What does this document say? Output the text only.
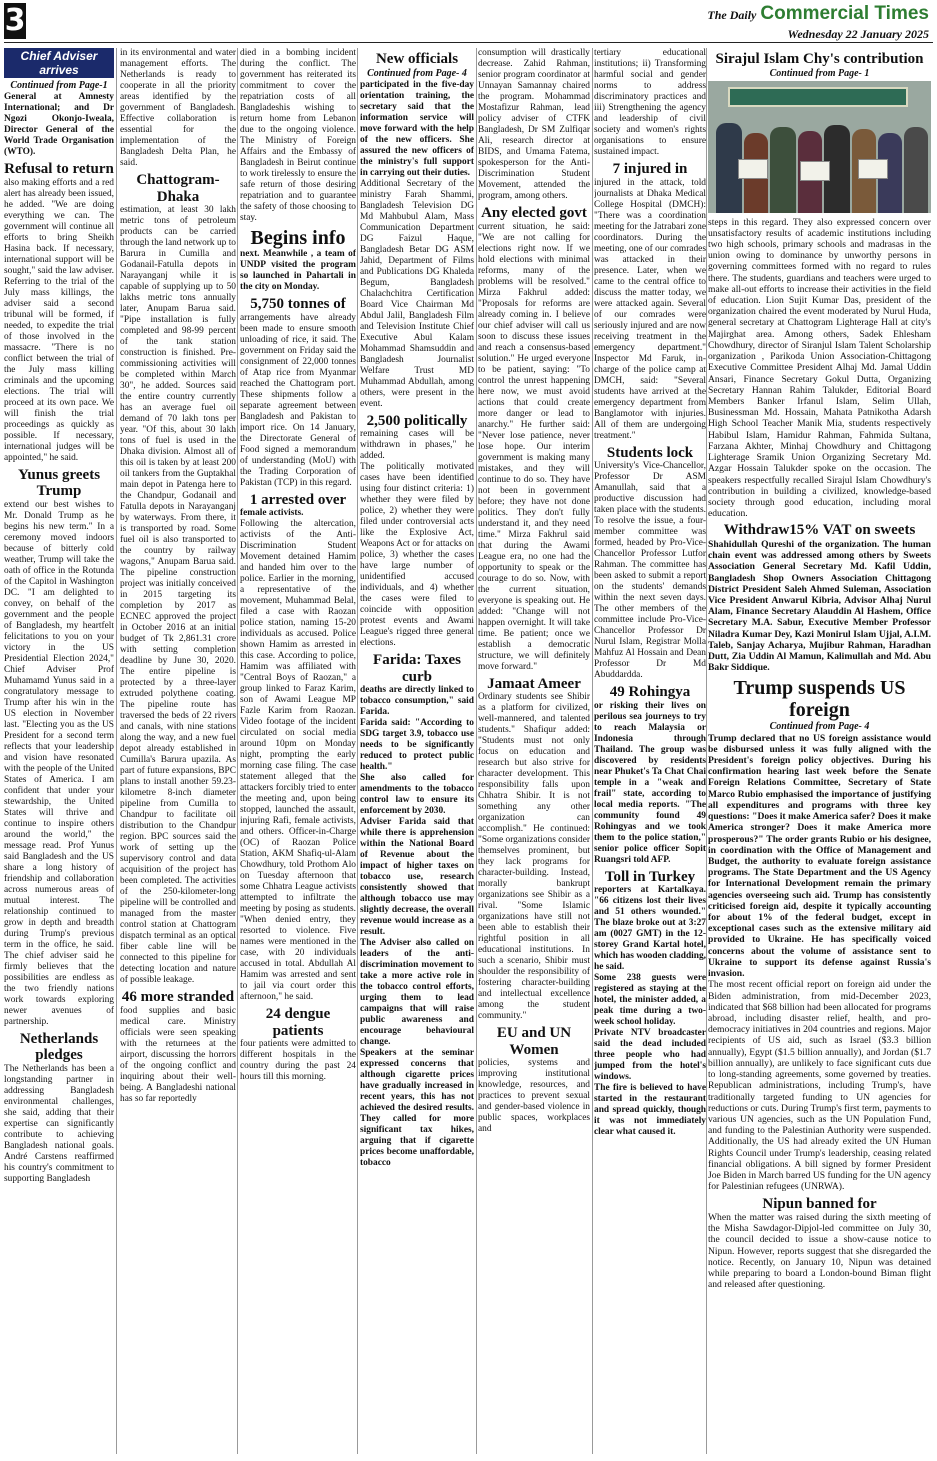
3	The Daily Commercial Times
Wednesday 22 January 2025
Chief Adviser arrives
Continued from Page-1

General at Amnesty International; and Dr Ngozi Okonjo-Iweala, Director General of the World Trade Organisation (WTO).

Refusal to return

also making efforts and a red alert has already been issued, he added. "We are doing everything we can. The government will continue all efforts to bring Sheikh Hasina back. If necessary, international support will be sought," said the law adviser. Referring to the trial of the July mass killings, the adviser said a second tribunal will be formed, if needed, to expedite the trial of those involved in the massacre. "There is no conflict between the trial of the July mass killing criminals and the upcoming elections. The trial will proceed at its own pace. We will finish the trial proceedings as quickly as possible. If necessary, international judges will be appointed," he said.

Yunus greets Trump

extend our best wishes to Mr. Donald Trump as he begins his new term." In a ceremony moved indoors because of bitterly cold weather, Trump will take the oath of office in the Rotunda of the Capitol in Washington DC. "I am delighted to convey, on behalf of the government and the people of Bangladesh, my heartfelt felicitations to you on your victory in the US Presidential Election 2024," Chief Adviser Prof Muhamamd Yunus said in a congratulatory message to Trump after his win in the US election in November last. "Electing you as the US President for a second term reflects that your leadership and vision have resonated with the people of the United States of America. I am confident that under your stewardship, the United States will thrive and continue to inspire others around the world," the message read. Prof Yunus said Bangladesh and the US share a long history of friendship and collaboration across numerous areas of mutual interest. The relationship continued to grow in depth and breadth during Trump's previous term in the office, he said. The chief adviser said he firmly believes that the possibilities are endless as the two friendly nations work towards exploring newer avenues of partnership.

Netherlands pledges

The Netherlands has been a longstanding partner in addressing Bangladesh environmental challenges, she said, adding that their expertise can significantly contribute to achieving Bangladesh national goals. André Carstens reaffirmed his country's commitment to supporting Bangladesh

in its environmental and water management efforts. The Netherlands is ready to cooperate in all the priority areas identified by the government of Bangladesh. Effective collaboration is essential for the implementation of the Bangladesh Delta Plan, he said.

Chattogram-Dhaka

estimation, at least 30 lakh metric tons of petroleum products can be carried through the land network up to Barura in Cumilla and Godanail-Fatulla depots in Narayanganj while it is capable of supplying up to 50 lakhs metric tons annually later, Anupam Barua said. "Pipe installation is fully completed and 98-99 percent of the tank station construction is finished. Pre-commissioning activities will be completed within March 30", he added. Sources said the entire country currently has an average fuel oil demand of 70 lakh tons per year. "Of this, about 30 lakh tons of fuel is used in the Dhaka division. Almost all of this oil is taken by at least 200 oil tankers from the Guptakhal main depot in Patenga here to the Chandpur, Godanail and Fatulla depots in Narayanganj by waterways. From there, it is transported by road. Some fuel oil is also transported to the country by railway wagons," Anupam Barua said. The pipeline construction project was initially conceived in 2015 targeting its completion by 2017 as ECNEC approved the project in October 2016 at an initial budget of Tk 2,861.31 crore with setting completion deadline by June 30, 2020. The entire pipeline is protected by a three-layer extruded polythene coating. The pipeline route has traversed the beds of 22 rivers and canals, with nine stations along the way, and a new fuel depot already established in Cumilla's Barura upazila. As part of future expansions, BPC plans to install another 59.23-kilometre 8-inch diameter pipeline from Cumilla to Chandpur to facilitate oil distribution to the Chandpur region. BPC sources said the work of setting up the supervisory control and data acquisition of the project has been completed. The activities of the 250-kilometer-long pipeline will be controlled and managed from the master control station at Chattogram dispatch terminal as an optical fiber cable line will be connected to this pipeline for detecting location and nature of possible leakage.

46 more stranded

food supplies and basic medical care. Ministry officials were seen speaking with the returnees at the airport, discussing the horrors of the ongoing conflict and inquiring about their well-being. A Bangladeshi national has so far reportedly

died in a bombing incident during the conflict. The government has reiterated its commitment to cover the repatriation costs of all Bangladeshis wishing to return home from Lebanon due to the ongoing violence. The Ministry of Foreign Affairs and the Embassy of Bangladesh in Beirut continue to work tirelessly to ensure the safe return of those desiring repatriation and to guarantee the safety of those choosing to stay.

Begins info

next. Meanwhile , a team of UNDP visited the program so launched in Pahartali in the city on Monday.

5,750 tonnes of

arrangements have already been made to ensure smooth unloading of rice, it said. The government on Friday said the consignment of 22,000 tonnes of Atap rice from Myanmar reached the Chattogram port. These shipments follow a separate agreement between Bangladesh and Pakistan to import rice. On 14 January, the Directorate General of Food signed a memorandum of understanding (MoU) with the Trading Corporation of Pakistan (TCP) in this regard.

1 arrested over

female activists.

Following the altercation, activists of the Anti-Discrimination Student Movement detained Hamim and handed him over to the police. Earlier in the morning, a representative of the movement, Muhammad Belal, filed a case with Raozan police station, naming 15-20 individuals as accused. Police shown Hamim as arrested in this case. According to police, Hamim was affiliated with "Central Boys of Raozan," a group linked to Faraz Karim, son of Awami League MP Fazle Karim from Raozan. Video footage of the incident circulated on social media around 10pm on Monday night, prompting the early morning case filing. The case statement alleged that the attackers forcibly tried to enter the meeting and, upon being stopped, launched the assault, injuring Rafi, female activists, and others. Officer-in-Charge (OC) of Raozan Police Station, AKM Shafiq-ul-Alam Chowdhury, told Prothom Alo on Tuesday afternoon that some Chhatra League activists attempted to infiltrate the meeting by posing as students. "When denied entry, they resorted to violence. Five names were mentioned in the case, with 20 individuals accused in total. Abdullah Al Hamim was arrested and sent to jail via court order this afternoon," he said.

24 dengue patients

four patients were admitted to different hospitals in the country during the past 24 hours till this morning.

New officials
Continued from Page- 4

participated in the five-day orientation training, the secretary said that the information service will move forward with the help of the new officers. She assured the new officers of the ministry's full support in carrying out their duties.

Additional Secretary of the ministry Farah Shammi, Bangladesh Television DG Md Mahbubul Alam, Mass Communication Department DG Faizul Haque, Bangladesh Betar DG ASM Jahid, Department of Films and Publications DG Khaleda Begum, Bangladesh Chalachchitra Certification Board Vice Chairman Md Abdul Jalil, Bangladesh Film and Television Institute Chief Executive Abul Kalam Mohammad Shamsuddin and Bangladesh Journalist Welfare Trust MD Muhammad Abdullah, among others, were present in the event.

2,500 politically

remaining cases will be withdrawn in phases," he added.

The politically motivated cases have been identified using four distinct criteria: 1) whether they were filed by police, 2) whether they were filed under controversial acts like the Explosive Act, Weapons Act or for attacks on police, 3) whether the cases have large number of unidentified accused individuals, and 4) whether the cases were filed to coincide with opposition protest events and Awami League's rigged three general elections.

Farida: Taxes curb

deaths are directly linked to tobacco consumption," said Farida.

Farida said: "According to SDG target 3.9, tobacco use needs to be significantly reduced to protect public health."

She also called for amendments to the tobacco control law to ensure its enforcement by 2030.

Adviser Farida said that while there is apprehension within the National Board of Revenue about the impact of higher taxes on tobacco use, research consistently showed that although tobacco use may slightly decrease, the overall revenue would increase as a result.

The Adviser also called on leaders of the anti-discrimination movement to take a more active role in the tobacco control efforts, urging them to lead campaigns that will raise public awareness and encourage behavioural change.

Speakers at the seminar expressed concerns that although cigarette prices have gradually increased in recent years, this has not achieved the desired results. They called for more significant tax hikes, arguing that if cigarette prices become unaffordable, tobacco

consumption will drastically decrease. Zahid Rahman, senior program coordinator at Unnayan Samannay chaired the program. Mohammad Mostafizur Rahman, lead policy adviser of CTFK Bangladesh, Dr SM Zulfiqar Ali, research director at BIDS, and Umama Fatema, spokesperson for the Anti-Discrimination Student Movement, attended the program, among others.

Any elected govt

current situation, he said: "We are not calling for elections right now. If we hold elections with minimal reforms, many of the problems will be resolved." Mirza Fakhrul added: "Proposals for reforms are already coming in. I believe our chief adviser will call us soon to discuss these issues and reach a consensus-based solution." He urged everyone to be patient, saying: "To control the unrest happening here now, we must avoid actions that could create more danger or lead to anarchy." He further said: "Never lose patience, never lose hope. Our interim government is making many mistakes, and they will continue to do so. They have not been in government before; they have not done politics. They don't fully understand it, and they need time." Mirza Fakhrul said that during the Awami League era, no one had the opportunity to speak or the courage to do so. Now, with the current situation, everyone is speaking out. He added: "Change will not happen overnight. It will take time. Be patient; once we establish a democratic structure, we will definitely move forward."

Jamaat Ameer

Ordinary students see Shibir as a platform for civilized, well-mannered, and talented students." Shafiqur added: "Students must not only focus on education and research but also strive for character development. This responsibility falls upon Chhatra Shibir. It is not something any other organization can accomplish." He continued: "Some organizations consider themselves prominent, but they lack programs for character-building. Instead, morally bankrupt organizations see Shibir as a rival. "Some Islamic organizations have still not been able to establish their rightful position in all educational institutions. In such a scenario, Shibir must shoulder the responsibility of fostering character-building and intellectual excellence among the student community."

EU and UN Women

policies, systems and improving institutional knowledge, resources, and practices to prevent sexual and gender-based violence in public spaces, workplaces and

tertiary educational institutions; ii) Transforming harmful social and gender norms to address discriminatory practices and iii) Strengthening the agency and leadership of civil society and women's rights organisations to ensure sustained impact.

7 injured in

injured in the attack, told journalists at Dhaka Medical College Hospital (DMCH): "There was a coordination meeting for the Jatrabari zone coordinators. During the meeting, one of our comrades was attacked in their presence. Later, when we came to the central office to discuss the matter today, we were attacked again. Several of our comrades were seriously injured and are now receiving treatment in the emergency department." Inspector Md Faruk, in-charge of the police camp at DMCH, said: "Several students have arrived at the emergency department from Banglamotor with injuries. All of them are undergoing treatment."

Students lock

University's Vice-Chancellor, Professor Dr ASM Amanullah, said that a productive discussion had taken place with the students. To resolve the issue, a four-member committee was formed, headed by Pro-Vice-Chancellor Professor Lutfor Rahman. The committee has been asked to submit a report on the students' demands within the next seven days. The other members of the committee include Pro-Vice-Chancellor Professor Dr Nurul Islam, Registrar Molla Mahfuz Al Hossain and Dean Professor Dr Md Abuddardda.

49 Rohingya

or risking their lives on perilous sea journeys to try to reach Malaysia or Indonesia through Thailand. The group was discovered by residents near Phuket's Ta Chat Chai temple in a "weak and frail" state, according to local media reports. "The community found 49 Rohingyas and we took them to the police station," senior police officer Sopit Ruangsri told AFP.

Toll in Turkey

reporters at Kartalkaya. "66 citizens lost their lives and 51 others wounded." The blaze broke out at 3:27 am (0027 GMT) in the 12-storey Grand Kartal hotel, which has wooden cladding, he said.

Some 238 guests were registered as staying at the hotel, the minister added, a peak time during a two-week school holiday.

Private NTV broadcaster said the dead included three people who had jumped from the hotel's windows.

The fire is believed to have started in the restaurant and spread quickly, though it was not immediately clear what caused it.

Sirajul Islam Chy's contribution
Continued from Page- 1

steps in this regard. They also expressed concern over unsatisfactory results of academic institutions including two high schools, primary schools and madrasas in the union owing to dominance by unworthy persons in governing committees formed with no regard to rules there. The students, guardians and teachers were urged to make all-out efforts to increase their activities in the field of education. Lion Sujit Kumar Das, president of the organization chaired the event moderated by Nurul Huda, general secretary at Chattogram Lighterage Hall at city's Majirghat area. Among others, Sadek Ehlesham Chowdhury, director of Siranjul Islam Talent Scholarship organization , Parikoda Union Association-Chittagong Executive Committee President Alhaj Md. Jamal Uddin Ansari, Finance Secretary Gokul Dutta, Organizing Secretary Hannan Rahim Talukder, Editorial Board Members Banker Irfanul Islam, Selim Ullah, Businessman Md. Hossain, Mahata Patnikotha Adarsh High School Teacher Manik Mia, students respectively Habibul Islam, Hamidur Rahman, Fahmida Sultana, Farzana Akhter, Minhaj Chowdhury and Chittagong Lighterage Sramik Union Organizing Secretary Md. Azgar Hossain Talukder spoke on the occasion. The speakers respectfully recalled Sirajul Islam Chowdhury's contribution in building a civilized, knowledge-based society through good education, including moral education.

Withdraw15% VAT on sweets

Shahidullah Qureshi of the organization. The human chain event was addressed among others by Sweets Association General Secretary Md. Kafil Uddin, Bangladesh Shop Owners Association Chittagong District President Saleh Ahmed Suleman, Association Vice President Anwarul Kibria, Advisor Alhaj Nurul Alam, Finance Secretary Alauddin Al Hashem, Office Secretary M.A. Sabur, Executive Member Professor Niladra Kumar Dey, Kazi Monirul Islam Ujjal, A.I.M. Taleb, Sanjay Acharya, Mujibur Rahman, Haradhan Dutt, Zia Uddin Al Mamun, Kalimullah and Md. Abu Bakr Siddique.

Trump suspends US foreign
Continued from Page- 4

Trump declared that no US foreign assistance would be disbursed unless it was fully aligned with the President's foreign policy objectives. During his confirmation hearing last week before the Senate Foreign Relations Committee, Secretary of State Marco Rubio emphasised the importance of justifying all expenditures and programs with three key questions: "Does it make America safer? Does it make America stronger? Does it make America more prosperous?" The order grants Rubio or his designee, in coordination with the Office of Management and Budget, the authority to evaluate foreign assistance programs. The State Department and the US Agency for International Development remain the primary agencies overseeing such aid. Trump has consistently criticised foreign aid, despite it typically accounting for about 1% of the federal budget, except in exceptional cases such as the extensive military aid provided to Ukraine. He has specifically voiced concerns about the volume of assistance sent to Ukraine to support its defense against Russia's invasion.

The most recent official report on foreign aid under the Biden administration, from mid-December 2023, indicated that $68 billion had been allocated for programs abroad, including disaster relief, health, and pro-democracy initiatives in 204 countries and regions. Major recipients of US aid, such as Israel ($3.3 billion annually), Egypt ($1.5 billion annually), and Jordan ($1.7 billion annually), are unlikely to face significant cuts due to long-standing agreements, some governed by treaties. Republican administrations, including Trump's, have traditionally targeted funding to UN agencies for reductions or cuts. During Trump's first term, payments to various UN agencies, such as the UN Population Fund, and funding to the Palestinian Authority were suspended. Additionally, the US had already exited the UN Human Rights Council under Trump's leadership, ceasing related financial obligations. A bill signed by former President Joe Biden in March barred US funding for the UN agency for Palestinian refugees (UNRWA).

Nipun banned for

When the matter was raised during the sixth meeting of the Misha Sawdagor-Dipjol-led committee on July 30, the council decided to issue a show-cause notice to Nipun. However, reports suggest that she disregarded the notice. Recently, on January 10, Nipun was detained while preparing to board a London-bound Biman flight and released after questioning.
